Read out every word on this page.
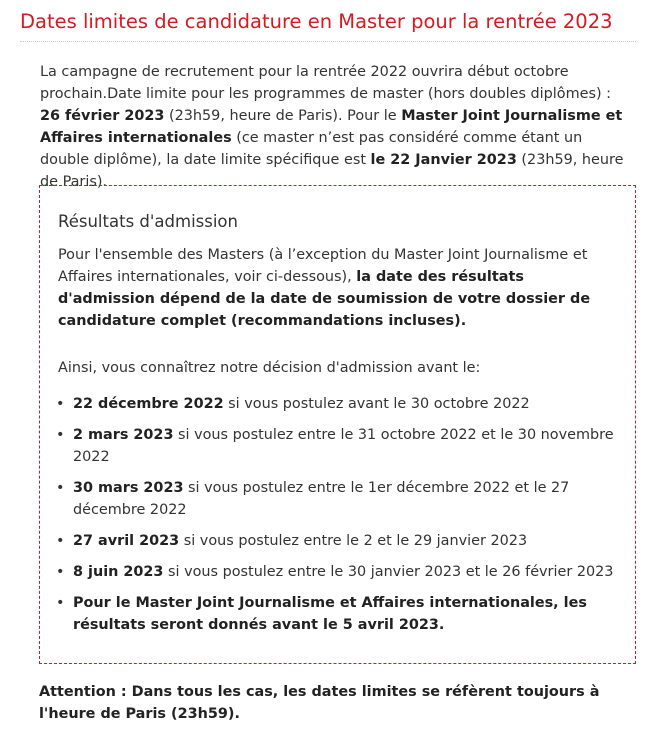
Dates limites de candidature en Master pour la rentrée 2023

La campagne de recrutement pour la rentrée 2022 ouvrira début octobre prochain.Date limite pour les programmes de master (hors doubles diplômes) : 26 février 2023 (23h59, heure de Paris). Pour le Master Joint Journalisme et Affaires internationales (ce master n’est pas considéré comme étant un double diplôme), la date limite spécifique est le 22 Janvier 2023 (23h59, heure de Paris).

Résultats d'admission

Pour l'ensemble des Masters (à l’exception du Master Joint Journalisme et Affaires internationales, voir ci-dessous), la date des résultats d'admission dépend de la date de soumission de votre dossier de candidature complet (recommandations incluses).

Ainsi, vous connaîtrez notre décision d'admission avant le:

• 22 décembre 2022 si vous postulez avant le 30 octobre 2022
• 2 mars 2023 si vous postulez entre le 31 octobre 2022 et le 30 novembre 2022
• 30 mars 2023 si vous postulez entre le 1er décembre 2022 et le 27 décembre 2022
• 27 avril 2023 si vous postulez entre le 2 et le 29 janvier 2023
• 8 juin 2023 si vous postulez entre le 30 janvier 2023 et le 26 février 2023
• Pour le Master Joint Journalisme et Affaires internationales, les résultats seront donnés avant le 5 avril 2023.

Attention : Dans tous les cas, les dates limites se réfèrent toujours à l'heure de Paris (23h59).
